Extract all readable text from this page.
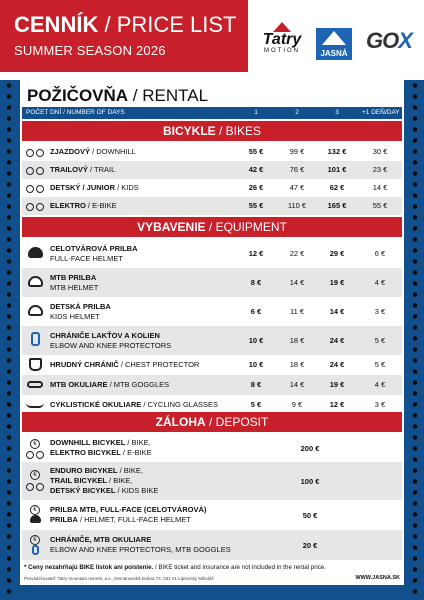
CENNÍK / PRICE LIST
SUMMER SEASON 2026
Tatry
MOTION	JASNÁ
GOX
POŽIČOVŇA / RENTAL
POČET DNÍ / NUMBER OF DAYS	1	2	3	+1 DEŇ/DAY
BICYKLE / BIKES
ZJAZDOVÝ / DOWNHILL	55 €	99 €	132 €	30 €
TRAILOVÝ / TRAIL	42 €	76 €	101 €	23 €
DETSKÝ / JUNIOR / KIDS	26 €	47 €	62 €	14 €
ELEKTRO / E-BIKE	55 €	110 €	165 €	55 €
VYBAVENIE / EQUIPMENT
CELOTVÁROVÁ PRILBA
FULL-FACE HELMET
12 €	22 €	29 €	6 €
MTB PRILBA
MTB HELMET
8 €	14 €	19 €	4 €
DETSKÁ PRILBA
KIDS HELMET
6 €	11 €	14 €	3 €
CHRÁNIČE LAKŤOV A KOLIEN
ELBOW AND KNEE PROTECTORS
10 €	18 €	24 €	5 €
HRUDNÝ CHRÁNIČ / CHEST PROTECTOR	10 €	18 €	24 €	5 €
MTB OKULIARE / MTB GOGGLES	8 €	14 €	19 €	4 €
CYKLISTICKÉ OKULIARE / CYCLING GLASSES	5 €	9 €	12 €	3 €
ZÁLOHA / DEPOSIT
€	DOWNHILL BICYKEL / BIKE,
ELEKTRO BICYKEL / E-BIKE	200 €
€	ENDURO BICYKEL / BIKE,
TRAIL BICYKEL / BIKE,
DETSKÝ BICYKEL / KIDS BIKE
100 €
€	PRILBA MTB, FULL-FACE (CELOTVÁROVÁ)
PRILBA / HELMET, FULL-FACE HELMET	50 €
€	CHRÁNIČE, MTB OKULIARE
ELBOW AND KNEE PROTECTORS, MTB GOGGLES	20 €
* Ceny nezahŕňajú BIKE lístok ani poistenie. / BIKE ticket and insurance are not included in the rental price.
Prevádzkovateľ: Tatry mountain resorts, a.s., Demänovská Dolina 72, 031 01 Liptovský Mikuláš	WWW.JASNA.SK
